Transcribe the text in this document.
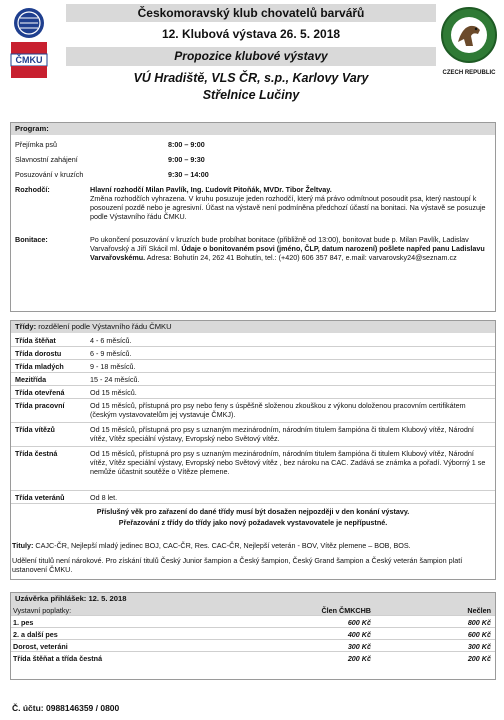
ČMKU
Českomoravský klub chovatelů barvářů
12. Klubová výstava 26. 5. 2018
Propozice klubové výstavy
VÚ Hradiště, VLS ČR, s.p., Karlovy Vary
Střelnice Lučiny
CZECH REPUBLIC
Program:
Přejímka psů	8:00 – 9:00
Slavnostní zahájení	9:00 – 9:30
Posuzování v kruzích	9:30 – 14:00
Rozhodčí:	Hlavní rozhodčí Milan Pavlík, Ing. Ľudovít Pitoňák, MVDr. Tibor Želtvay.
Změna rozhodčích vyhrazena. V kruhu posuzuje jeden rozhodčí, který má právo odmítnout posoudit psa, který nastoupí k posouzení pozdě nebo je agresivní. Účast na výstavě není podmíněna předchozí účastí na bonitaci. Na výstavě se posuzuje podle Výstavního řádu ČMKU.
Bonitace:	Po ukončení posuzování v kruzích bude probíhat bonitace (přibližně od 13:00), bonitovat bude p. Milan Pavlík, Ladislav Varvařovský a Jiří Skácil ml. Údaje o bonitovaném psovi (jméno, ČLP, datum narození) pošlete napřed panu Ladislavu Varvařovskému. Adresa: Bohutín 24, 262 41 Bohutín, tel.: (+420) 606 357 847, e.mail: varvarovsky24@seznam.cz
Třídy: rozdělení podle Výstavního řádu ČMKU
Třída štěňat	4 - 6 měsíců.
Třída dorostu	6 - 9 měsíců.
Třída mladých	9 - 18 měsíců.
Mezitřída	15 - 24 měsíců.
Třída otevřená	Od 15 měsíců.
Třída pracovní	Od 15 měsíců, přístupná pro psy nebo feny s úspěšně složenou zkouškou z výkonu doloženou pracovním certifikátem (českým vystavovatelům jej vystavuje ČMKJ).
Třída vítězů	Od 15 měsíců, přístupná pro psy s uznaným mezinárodním, národním titulem šampióna či titulem Klubový vítěz, Národní vítěz, Vítěz speciální výstavy, Evropský nebo Světový vítěz.
Třída čestná	Od 15 měsíců, přístupná pro psy s uznaným mezinárodním, národním titulem šampióna či titulem Klubový vítěz, Národní vítěz, Vítěz speciální výstavy, Evropský nebo Světový vítěz , bez nároku na CAC. Zadává se známka a pořadí. Výborný 1 se nemůže účastnit soutěže o Vítěze plemene.
Třída veteránů	Od 8 let.
Příslušný věk pro zařazení do dané třídy musí být dosažen nejpozději v den konání výstavy.
Přeřazování z třídy do třídy jako nový požadavek vystavovatele je nepřípustné.
Tituly: CAJC-ČR, Nejlepší mladý jedinec BOJ, CAC-ČR, Res. CAC-ČR, Nejlepší veterán - BOV, Vítěz plemene – BOB, BOS.
Udělení titulů není nárokové. Pro získání titulů Český Junior šampion a Český šampion, Český Grand šampion a Český veterán šampion platí ustanovení ČMKU.
Uzávěrka přihlášek: 12. 5. 2018
Vystavní poplatky:	Člen ČMKCHB	Nečlen
1. pes	600 Kč	800 Kč
2. a další pes	400 Kč	600 Kč
Dorost, veteráni	300 Kč	300 Kč
Třída štěňat a třída čestná	200 Kč	200 Kč
Č. účtu: 0988146359 / 0800
